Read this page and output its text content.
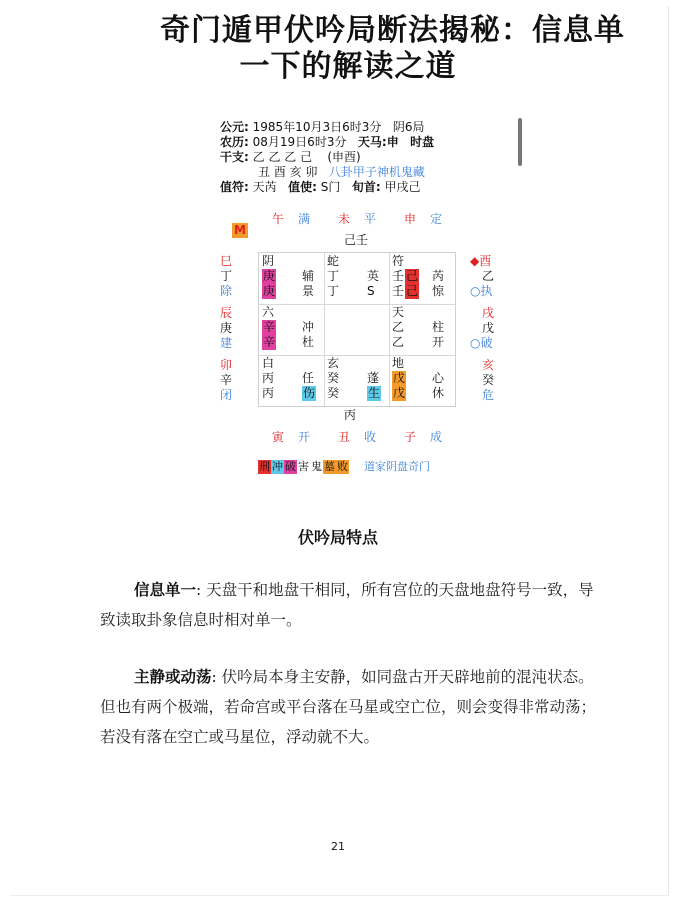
奇门遁甲伏吟局断法揭秘：信息单
一下的解读之道
公元: 1985年10月3日6时3分 阴6局
农历: 08月19日6时3分 天马:申 时盘
干支: 乙 乙 乙 己 (申酉)
丑 酉 亥 卯 八卦甲子神机鬼藏
值符: 天芮 值使: S门 旬首: 甲戌己
午 满 未 平 申 定
M
己壬
巳
丁
除
辰
庚
建
卯
辛
闭
◆酉
乙
○执
戌
戊
○破
亥
癸
危
阴
庚 辅
庚 景
蛇
丁 英
丁 S
符
壬 己 芮
壬 己 惊
六
辛 冲
辛 杜
天
乙 柱
乙 开
白
丙 任
丙 伤
玄
癸 蓬
癸 生
地
戊 心
戊 休
丙
寅 开 丑 收 子 成
刑 冲 破 害 鬼 墓 败 道家阴盘奇门
伏吟局特点
信息单一: 天盘干和地盘干相同，所有宫位的天盘地盘符号一致，导致读取卦象信息时相对单一。
主静或动荡: 伏吟局本身主安静，如同盘古开天辟地前的混沌状态。但也有两个极端，若命宫或平台落在马星或空亡位，则会变得非常动荡；若没有落在空亡或马星位，浮动就不大。
21
